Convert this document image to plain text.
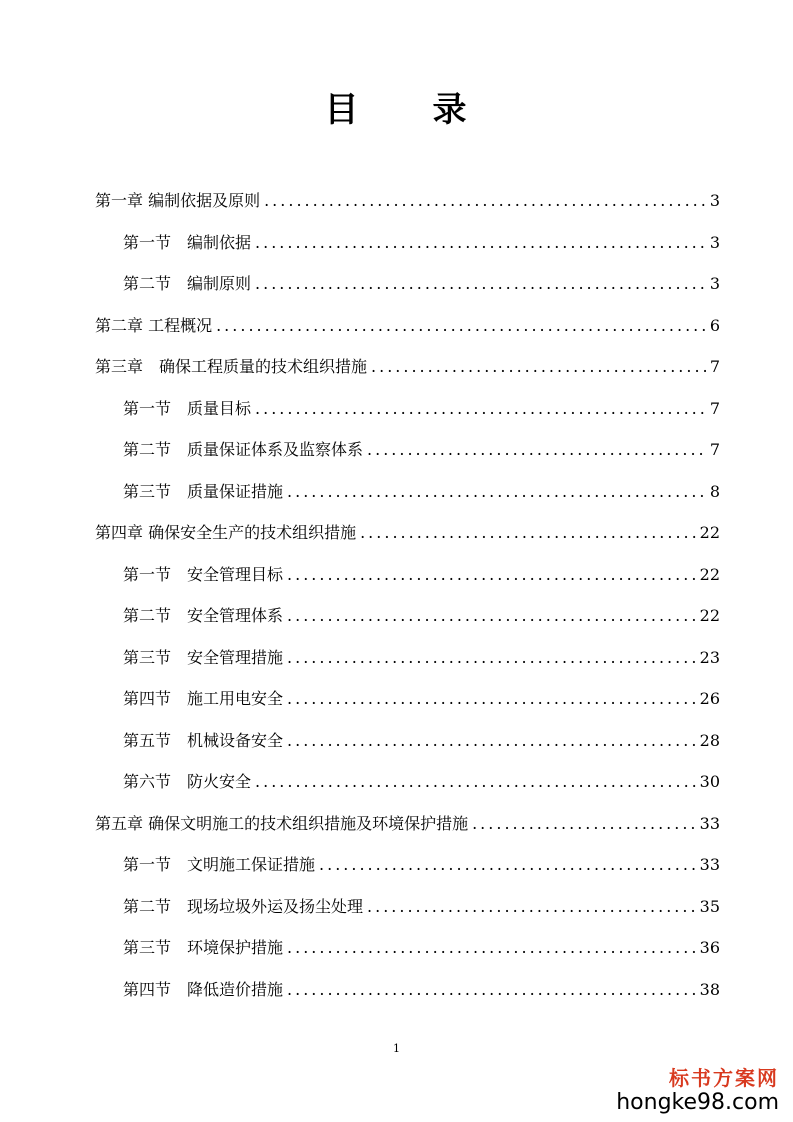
目　　录
第一章 编制依据及原则 .....	3
第一节　编制依据 .....	3
第二节　编制原则 .....	3
第二章 工程概况 .....	6
第三章　确保工程质量的技术组织措施 .....	7
第一节　质量目标 .....	7
第二节　质量保证体系及监察体系 .....	7
第三节　质量保证措施 .....	8
第四章 确保安全生产的技术组织措施 .....	22
第一节　安全管理目标 .....	22
第二节　安全管理体系 .....	22
第三节　安全管理措施 .....	23
第四节　施工用电安全 .....	26
第五节　机械设备安全 .....	28
第六节　防火安全 .....	30
第五章 确保文明施工的技术组织措施及环境保护措施 .....	33
第一节　文明施工保证措施 .....	33
第二节　现场垃圾外运及扬尘处理 .....	35
第三节　环境保护措施 .....	36
第四节　降低造价措施 .....	38
1
标书方案网
hongke98.com
